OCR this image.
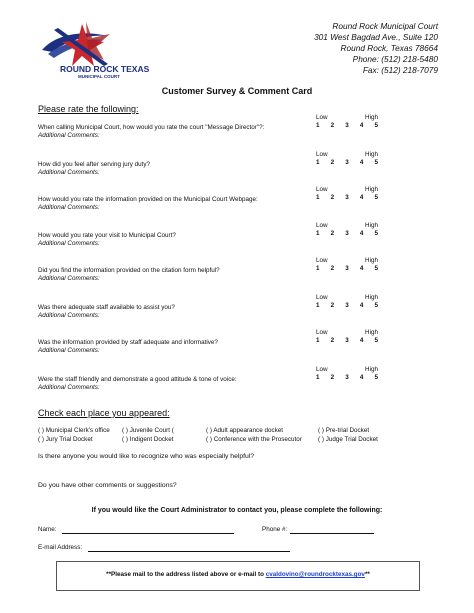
ROUND ROCK TEXAS
MUNICIPAL COURT
Round Rock Municipal Court
301 West Bagdad Ave., Suite 120
Round Rock, Texas 78664
Phone: (512) 218-5480
Fax: (512) 218-7079
Customer Survey & Comment Card
Please rate the following:
Low	High
1 2 3 4 5
When calling Municipal Court, how would you rate the court "Message Director"?:
Additional Comments:
Low	High
1 2 3 4 5
How did you feel after serving jury duty?
Additional Comments:
Low	High
1 2 3 4 5
How would you rate the information provided on the Municipal Court Webpage:
Additional Comments:
Low	High
1 2 3 4 5
How would you rate your visit to Municipal Court?
Additional Comments:
Low	High
1 2 3 4 5
Did you find the information provided on the citation form helpful?
Additional Comments:
Low	High
1 2 3 4 5
Was there adequate staff available to assist you?
Additional Comments:
Low	High
1 2 3 4 5
Was the information provided by staff adequate and informative?
Additional Comments:
Low	High
1 2 3 4 5
Were the staff friendly and demonstrate a good attitude & tone of voice:
Additional Comments:
Check each place you appeared:
( ) Municipal Clerk's office ( ) Juvenile Court (	( ) Adult appearance docket	( ) Pre-trial Docket
( ) Jury Trial Docket	( ) Indigent Docket	( ) Conference with the Prosecutor	( ) Judge Trial Docket
Is there anyone you would like to recognize who was especially helpful?
Do you have other comments or suggestions?
If you would like the Court Administrator to contact you, please complete the following:
Name:	Phone #:
E-mail Address:
**Please mail to the address listed above or e-mail to cvaldovino@roundrocktexas.gov**
